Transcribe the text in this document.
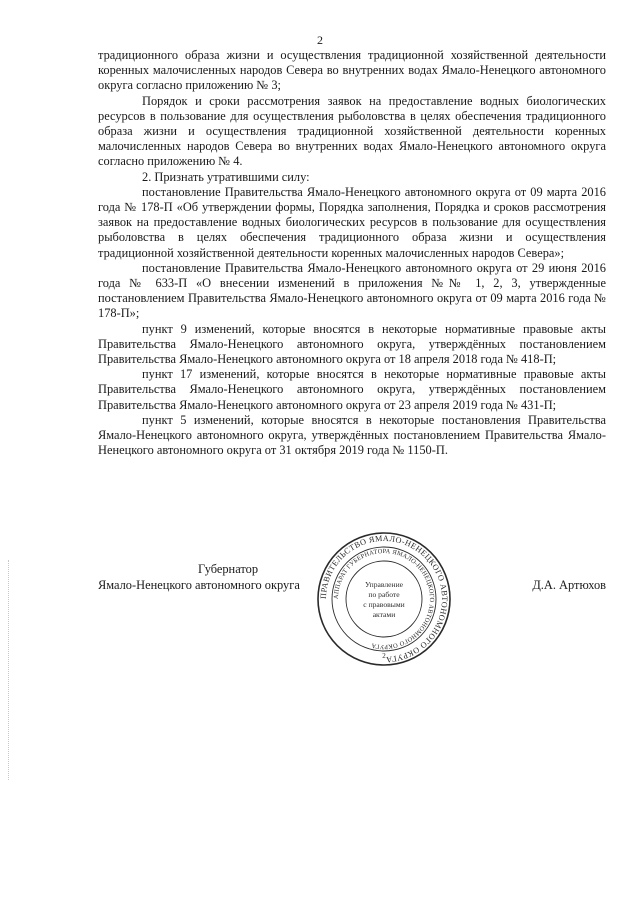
2

традиционного образа жизни и осуществления традиционной хозяйственной деятельности коренных малочисленных народов Севера во внутренних водах Ямало-Ненецкого автономного округа согласно приложению № 3;

Порядок и сроки рассмотрения заявок на предоставление водных биологических ресурсов в пользование для осуществления рыболовства в целях обеспечения традиционного образа жизни и осуществления традиционной хозяйственной деятельности коренных малочисленных народов Севера во внутренних водах Ямало-Ненецкого автономного округа согласно приложению № 4.

2. Признать утратившими силу:

постановление Правительства Ямало-Ненецкого автономного округа от 09 марта 2016 года № 178-П «Об утверждении формы, Порядка заполнения, Порядка и сроков рассмотрения заявок на предоставление водных биологических ресурсов в пользование для осуществления рыболовства в целях обеспечения традиционного образа жизни и осуществления традиционной хозяйственной деятельности коренных малочисленных народов Севера»;

постановление Правительства Ямало-Ненецкого автономного округа от 29 июня 2016 года № 633-П «О внесении изменений в приложения №№ 1, 2, 3, утвержденные постановлением Правительства Ямало-Ненецкого автономного округа от 09 марта 2016 года № 178-П»;

пункт 9 изменений, которые вносятся в некоторые нормативные правовые акты Правительства Ямало-Ненецкого автономного округа, утверждённых постановлением Правительства Ямало-Ненецкого автономного округа от 18 апреля 2018 года № 418-П;

пункт 17 изменений, которые вносятся в некоторые нормативные правовые акты Правительства Ямало-Ненецкого автономного округа, утверждённых постановлением Правительства Ямало-Ненецкого автономного округа от 23 апреля 2019 года № 431-П;

пункт 5 изменений, которые вносятся в некоторые постановления Правительства Ямало-Ненецкого автономного округа, утверждённых постановлением Правительства Ямало-Ненецкого автономного округа от 31 октября 2019 года № 1150-П.

Губернатор
Ямало-Ненецкого автономного округа	Д.А. Артюхов
ПРАВИТЕЛЬСТВО ЯМАЛО-НЕНЕЦКОГО АВТОНОМНОГО ОКРУГА
АППАРАТ ГУБЕРНАТОРА ЯМАЛО-НЕНЕЦКОГО АВТОНОМНОГО ОКРУГА
Управление
по работе
с правовыми
актами
2
